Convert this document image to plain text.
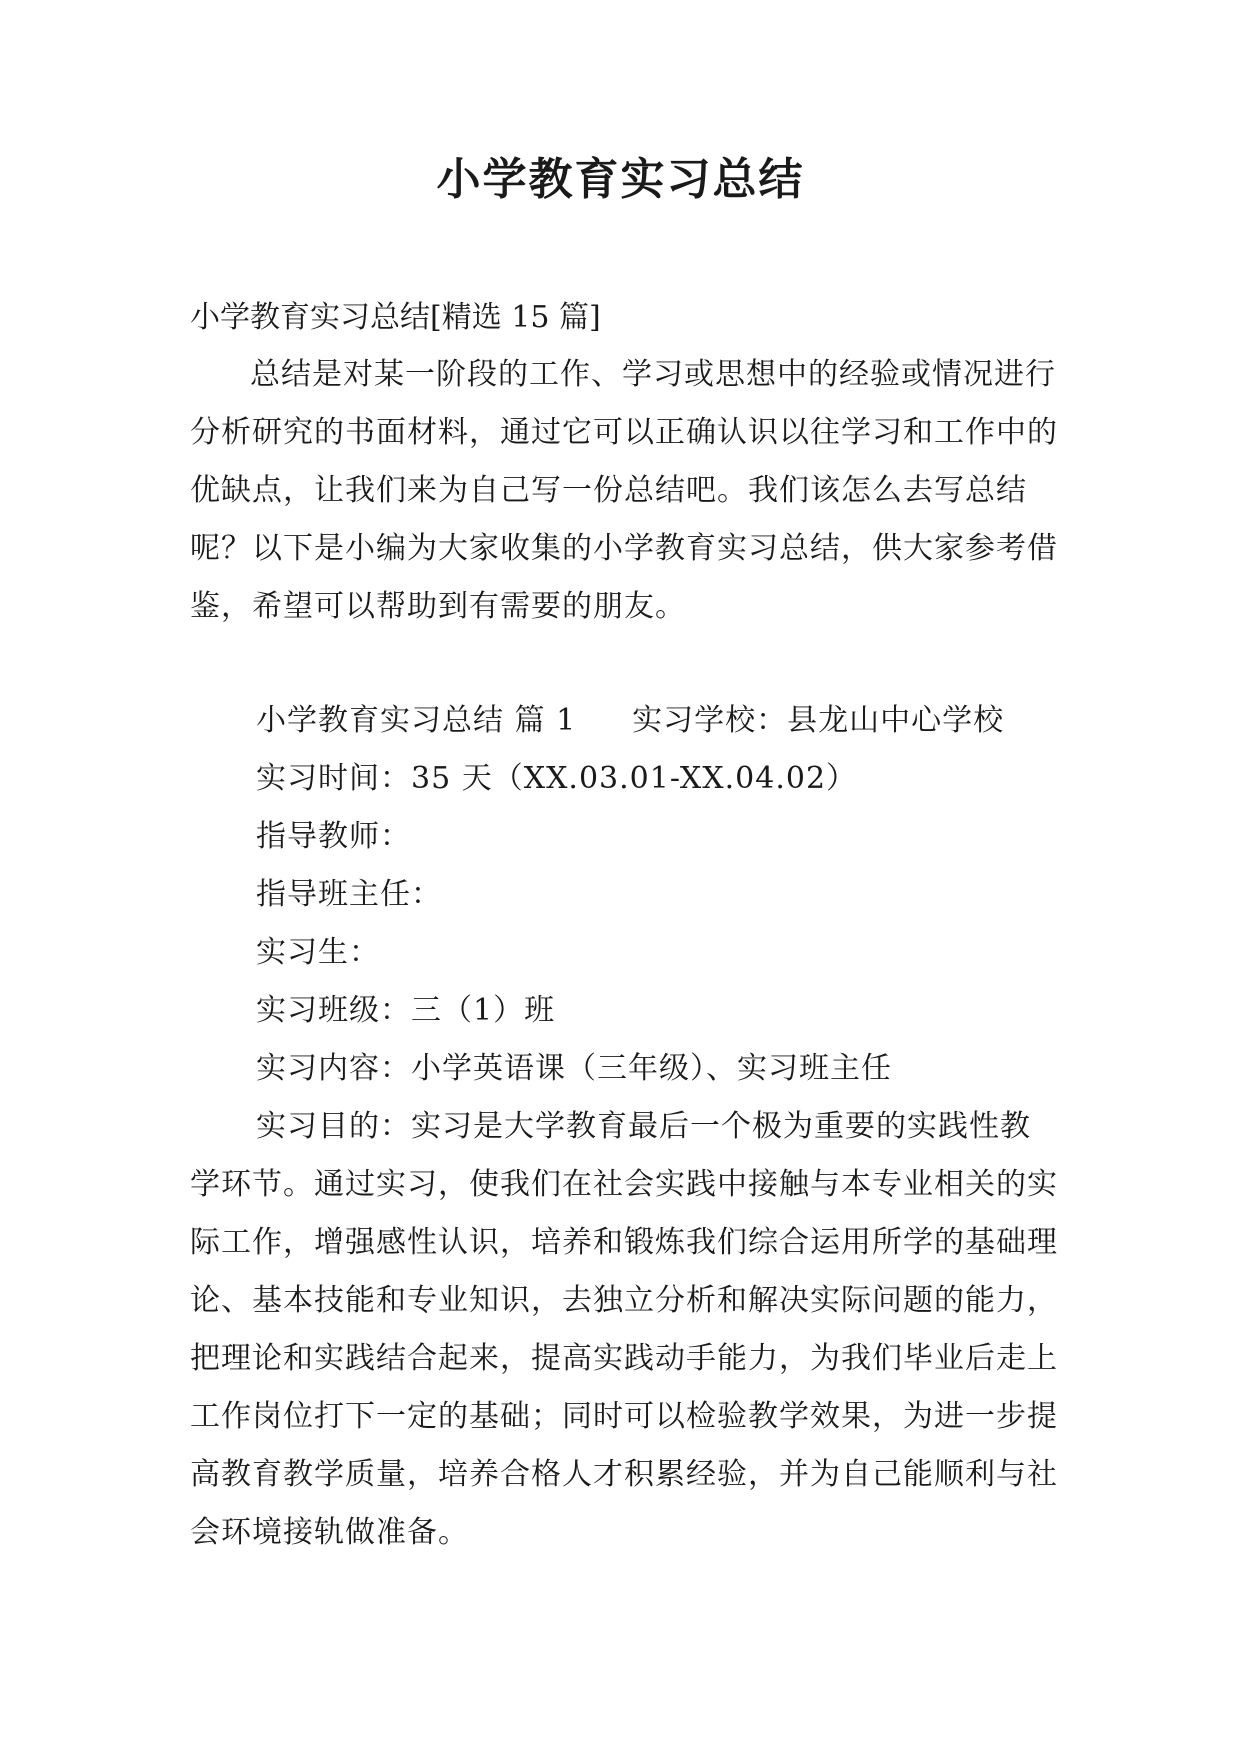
小学教育实习总结

小学教育实习总结[精选 15 篇]

总结是对某一阶段的工作、学习或思想中的经验或情况进行分析研究的书面材料，通过它可以正确认识以往学习和工作中的优缺点，让我们来为自己写一份总结吧。我们该怎么去写总结呢？以下是小编为大家收集的小学教育实习总结，供大家参考借鉴，希望可以帮助到有需要的朋友。

小学教育实习总结 篇 1 实习学校：县龙山中心学校

实习时间：35 天（XX.03.01-XX.04.02）

指导教师：

指导班主任：

实习生：

实习班级：三（1）班

实习内容：小学英语课（三年级）、实习班主任

实习目的：实习是大学教育最后一个极为重要的实践性教学环节。通过实习，使我们在社会实践中接触与本专业相关的实际工作，增强感性认识，培养和锻炼我们综合运用所学的基础理论、基本技能和专业知识，去独立分析和解决实际问题的能力，把理论和实践结合起来，提高实践动手能力，为我们毕业后走上工作岗位打下一定的基础；同时可以检验教学效果，为进一步提高教育教学质量，培养合格人才积累经验，并为自己能顺利与社会环境接轨做准备。
